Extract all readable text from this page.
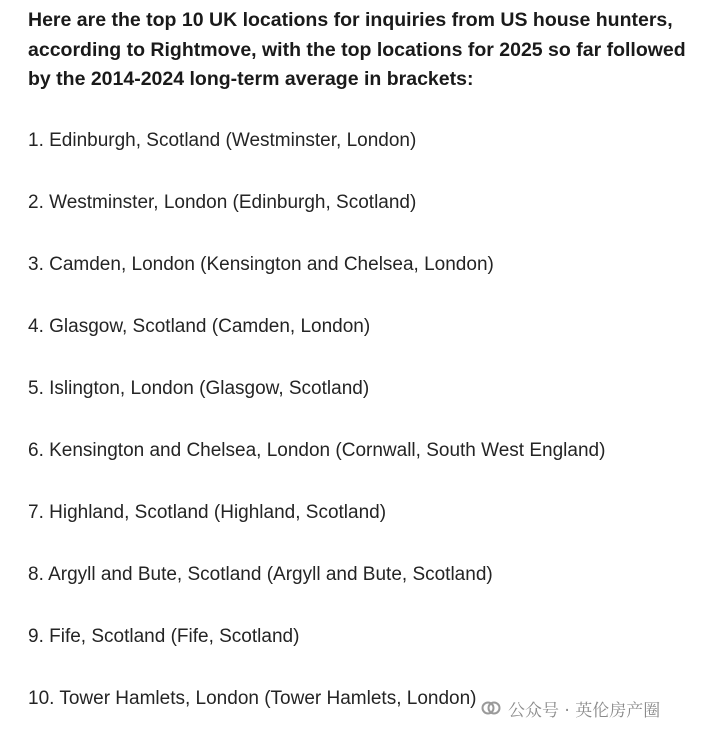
Here are the top 10 UK locations for inquiries from US house hunters, according to Rightmove, with the top locations for 2025 so far followed by the 2014-2024 long-term average in brackets:

1. Edinburgh, Scotland (Westminster, London)
2. Westminster, London (Edinburgh, Scotland)
3. Camden, London (Kensington and Chelsea, London)
4. Glasgow, Scotland (Camden, London)
5. Islington, London (Glasgow, Scotland)
6. Kensington and Chelsea, London (Cornwall, South West England)
7. Highland, Scotland (Highland, Scotland)
8. Argyll and Bute, Scotland (Argyll and Bute, Scotland)
9. Fife, Scotland (Fife, Scotland)
10. Tower Hamlets, London (Tower Hamlets, London)
公众号 · 英伦房产圈
